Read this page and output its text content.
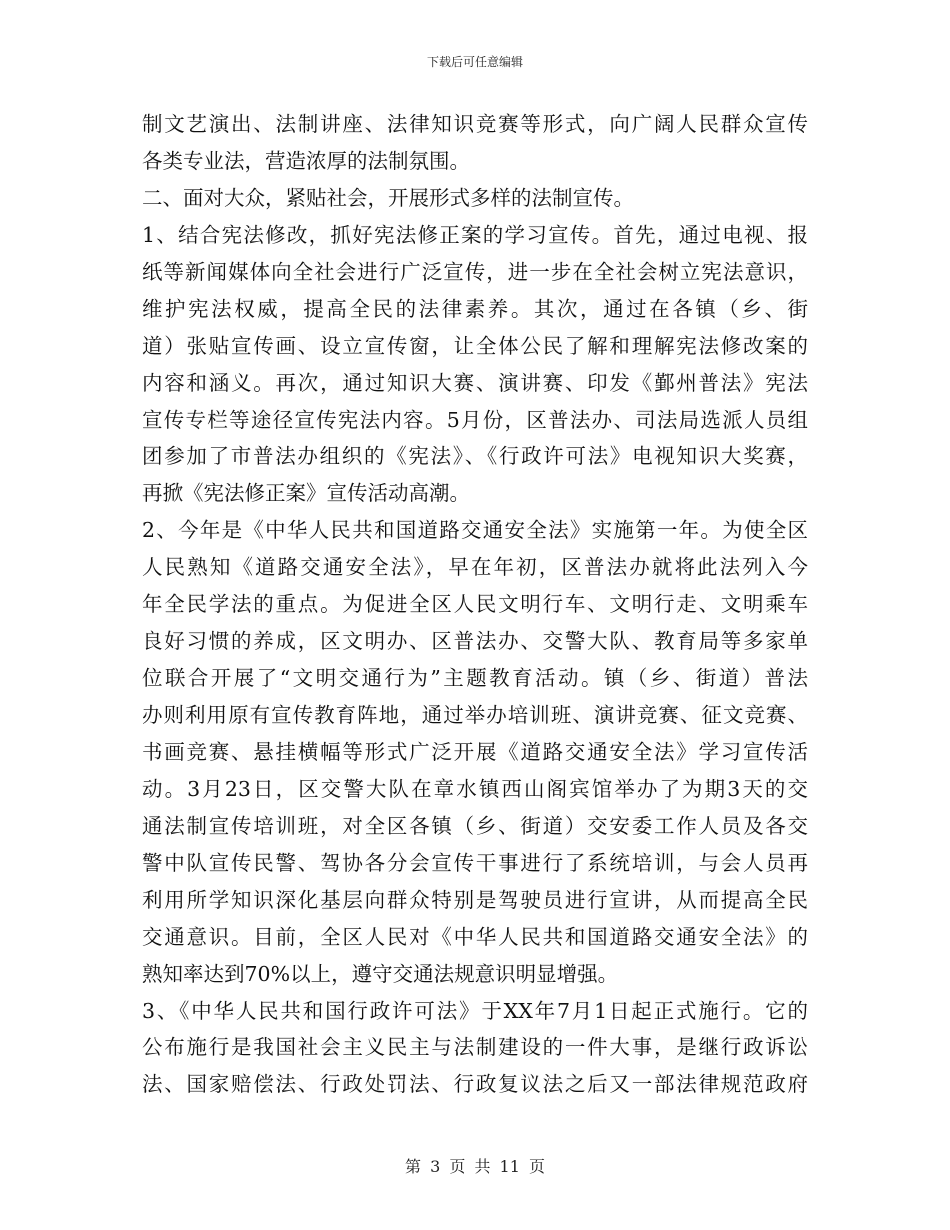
下载后可任意编辑
制文艺演出、法制讲座、法律知识竞赛等形式，向广阔人民群众宣传
各类专业法，营造浓厚的法制氛围。
二、面对大众，紧贴社会，开展形式多样的法制宣传。
1、结合宪法修改，抓好宪法修正案的学习宣传。首先，通过电视、报
纸等新闻媒体向全社会进行广泛宣传，进一步在全社会树立宪法意识，
维护宪法权威，提高全民的法律素养。其次，通过在各镇（乡、街
道）张贴宣传画、设立宣传窗，让全体公民了解和理解宪法修改案的
内容和涵义。再次，通过知识大赛、演讲赛、印发《鄞州普法》宪法
宣传专栏等途径宣传宪法内容。5月份，区普法办、司法局选派人员组
团参加了市普法办组织的《宪法》、《行政许可法》电视知识大奖赛，
再掀《宪法修正案》宣传活动高潮。
2、今年是《中华人民共和国道路交通安全法》实施第一年。为使全区
人民熟知《道路交通安全法》，早在年初，区普法办就将此法列入今
年全民学法的重点。为促进全区人民文明行车、文明行走、文明乘车
良好习惯的养成，区文明办、区普法办、交警大队、教育局等多家单
位联合开展了“文明交通行为”主题教育活动。镇（乡、街道）普法
办则利用原有宣传教育阵地，通过举办培训班、演讲竞赛、征文竞赛、
书画竞赛、悬挂横幅等形式广泛开展《道路交通安全法》学习宣传活
动。3月23日，区交警大队在章水镇西山阁宾馆举办了为期3天的交
通法制宣传培训班，对全区各镇（乡、街道）交安委工作人员及各交
警中队宣传民警、驾协各分会宣传干事进行了系统培训，与会人员再
利用所学知识深化基层向群众特别是驾驶员进行宣讲，从而提高全民
交通意识。目前，全区人民对《中华人民共和国道路交通安全法》的
熟知率达到70%以上，遵守交通法规意识明显增强。
3、《中华人民共和国行政许可法》于XX年7月1日起正式施行。它的
公布施行是我国社会主义民主与法制建设的一件大事，是继行政诉讼
法、国家赔偿法、行政处罚法、行政复议法之后又一部法律规范政府
第 3 页 共 11 页
